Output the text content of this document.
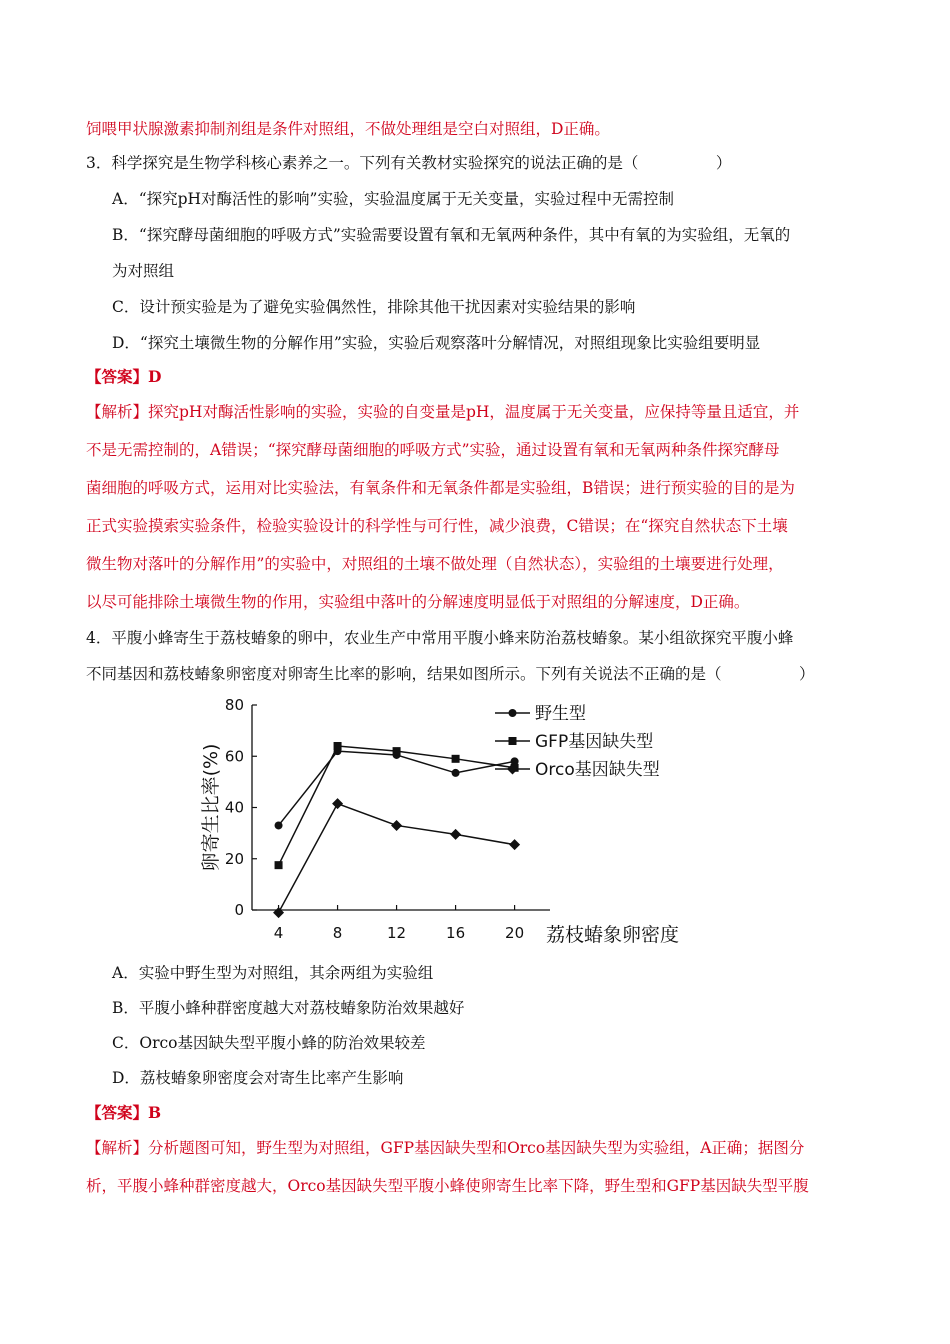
饲喂甲状腺激素抑制剂组是条件对照组，不做处理组是空白对照组，D正确。
3．科学探究是生物学科核心素养之一。下列有关教材实验探究的说法正确的是（　　　　　）
A．“探究pH对酶活性的影响”实验，实验温度属于无关变量，实验过程中无需控制
B．“探究酵母菌细胞的呼吸方式”实验需要设置有氧和无氧两种条件，其中有氧的为实验组，无氧的
为对照组
C．设计预实验是为了避免实验偶然性，排除其他干扰因素对实验结果的影响
D．“探究土壤微生物的分解作用”实验，实验后观察落叶分解情况，对照组现象比实验组要明显
【答案】D
【解析】探究pH对酶活性影响的实验，实验的自变量是pH，温度属于无关变量，应保持等量且适宜，并
不是无需控制的，A错误；“探究酵母菌细胞的呼吸方式”实验，通过设置有氧和无氧两种条件探究酵母
菌细胞的呼吸方式，运用对比实验法，有氧条件和无氧条件都是实验组，B错误；进行预实验的目的是为
正式实验摸索实验条件，检验实验设计的科学性与可行性，减少浪费，C错误；在“探究自然状态下土壤
微生物对落叶的分解作用”的实验中，对照组的土壤不做处理（自然状态），实验组的土壤要进行处理，
以尽可能排除土壤微生物的作用，实验组中落叶的分解速度明显低于对照组的分解速度，D正确。
4．平腹小蜂寄生于荔枝蝽象的卵中，农业生产中常用平腹小蜂来防治荔枝蝽象。某小组欲探究平腹小蜂
不同基因和荔枝蝽象卵密度对卵寄生比率的影响，结果如图所示。下列有关说法不正确的是（　　　　　）
0
20
40
60
80
4	8	12	16	20
卵寄生比率(%)
荔枝蝽象卵密度
野生型
GFP基因缺失型
Orco基因缺失型
A．实验中野生型为对照组，其余两组为实验组
B．平腹小蜂种群密度越大对荔枝蝽象防治效果越好
C．Orco基因缺失型平腹小蜂的防治效果较差
D．荔枝蝽象卵密度会对寄生比率产生影响
【答案】B
【解析】分析题图可知，野生型为对照组，GFP基因缺失型和Orco基因缺失型为实验组，A正确；据图分
析，平腹小蜂种群密度越大，Orco基因缺失型平腹小蜂使卵寄生比率下降，野生型和GFP基因缺失型平腹
